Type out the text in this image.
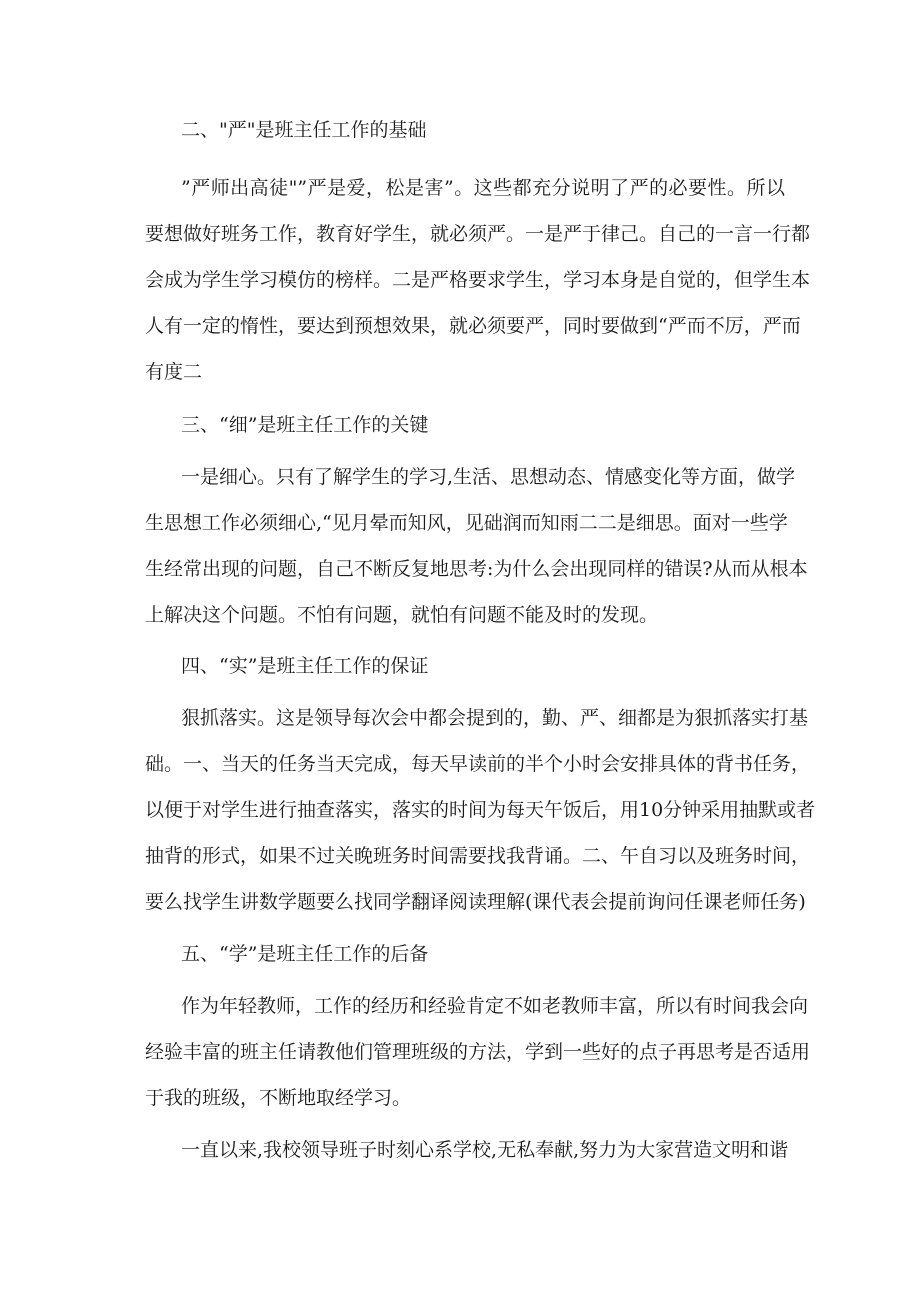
二、"严"是班主任工作的基础
”严师出高徒"”严是爱，松是害”。这些都充分说明了严的必要性。所以
要想做好班务工作，教育好学生，就必须严。一是严于律己。自己的一言一行都
会成为学生学习模仿的榜样。二是严格要求学生，学习本身是自觉的，但学生本
人有一定的惰性，要达到预想效果，就必须要严，同时要做到“严而不厉，严而
有度二
三、“细”是班主任工作的关键
一是细心。只有了解学生的学习,生活、思想动态、情感变化等方面，做学
生思想工作必须细心,“见月晕而知风，见础润而知雨二二是细思。面对一些学
生经常出现的问题，自己不断反复地思考:为什么会出现同样的错误?从而从根本
上解决这个问题。不怕有问题，就怕有问题不能及时的发现。
四、“实”是班主任工作的保证
狠抓落实。这是领导每次会中都会提到的，勤、严、细都是为狠抓落实打基
础。一、当天的任务当天完成，每天早读前的半个小时会安排具体的背书任务，
以便于对学生进行抽查落实，落实的时间为每天午饭后，用10分钟采用抽默或者
抽背的形式，如果不过关晚班务时间需要找我背诵。二、午自习以及班务时间，
要么找学生讲数学题要么找同学翻译阅读理解(课代表会提前询问任课老师任务)
五、“学”是班主任工作的后备
作为年轻教师，工作的经历和经验肯定不如老教师丰富，所以有时间我会向
经验丰富的班主任请教他们管理班级的方法，学到一些好的点子再思考是否适用
于我的班级，不断地取经学习。
一直以来,我校领导班子时刻心系学校,无私奉献,努力为大家营造文明和谐
